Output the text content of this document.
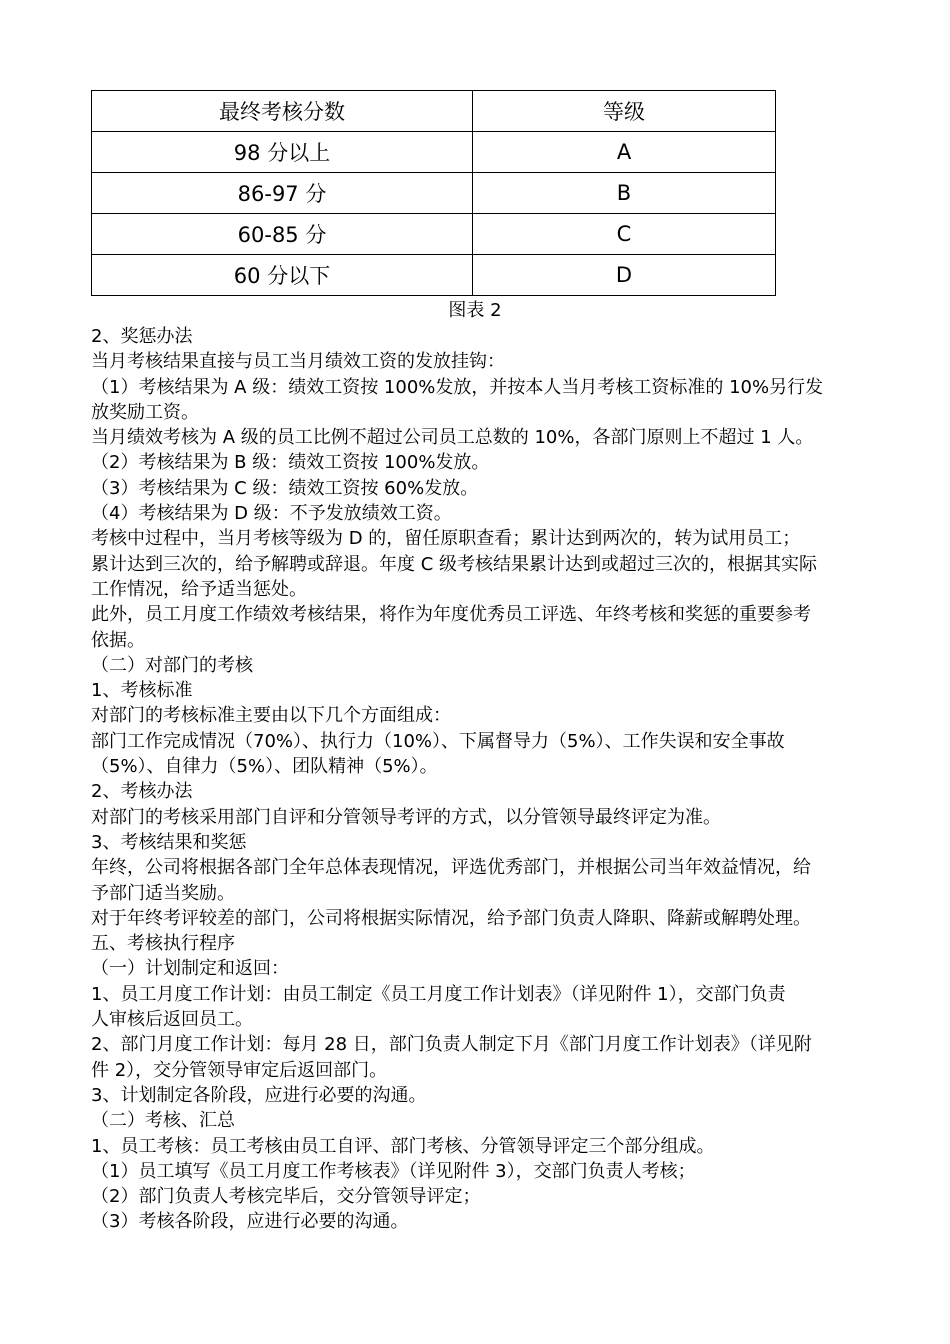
最终考核分数	等级
98 分以上	A
86-97 分	B
60-85 分	C
60 分以下	D
图表 2

2、奖惩办法

当月考核结果直接与员工当月绩效工资的发放挂钩：

（1）考核结果为 A 级：绩效工资按 100%发放，并按本人当月考核工资标准的 10%另行发

放奖励工资。

当月绩效考核为 A 级的员工比例不超过公司员工总数的 10%，各部门原则上不超过 1 人。

（2）考核结果为 B 级：绩效工资按 100%发放。

（3）考核结果为 C 级：绩效工资按 60%发放。

（4）考核结果为 D 级：不予发放绩效工资。

考核中过程中，当月考核等级为 D 的，留任原职查看；累计达到两次的，转为试用员工；

累计达到三次的，给予解聘或辞退。年度 C 级考核结果累计达到或超过三次的，根据其实际

工作情况，给予适当惩处。

此外，员工月度工作绩效考核结果，将作为年度优秀员工评选、年终考核和奖惩的重要参考

依据。

（二）对部门的考核

1、考核标准

对部门的考核标准主要由以下几个方面组成：

部门工作完成情况（70%）、执行力（10%）、下属督导力（5%）、工作失误和安全事故

（5%）、自律力（5%）、团队精神（5%）。

2、考核办法

对部门的考核采用部门自评和分管领导考评的方式，以分管领导最终评定为准。

3、考核结果和奖惩

年终，公司将根据各部门全年总体表现情况，评选优秀部门，并根据公司当年效益情况，给

予部门适当奖励。

对于年终考评较差的部门，公司将根据实际情况，给予部门负责人降职、降薪或解聘处理。

五、考核执行程序

（一）计划制定和返回：

1、员工月度工作计划：由员工制定《员工月度工作计划表》（详见附件 1），交部门负责

人审核后返回员工。

2、部门月度工作计划：每月 28 日，部门负责人制定下月《部门月度工作计划表》（详见附

件 2），交分管领导审定后返回部门。

3、计划制定各阶段，应进行必要的沟通。

（二）考核、汇总

1、员工考核：员工考核由员工自评、部门考核、分管领导评定三个部分组成。

（1）员工填写《员工月度工作考核表》（详见附件 3），交部门负责人考核；

（2）部门负责人考核完毕后，交分管领导评定；

（3）考核各阶段，应进行必要的沟通。
